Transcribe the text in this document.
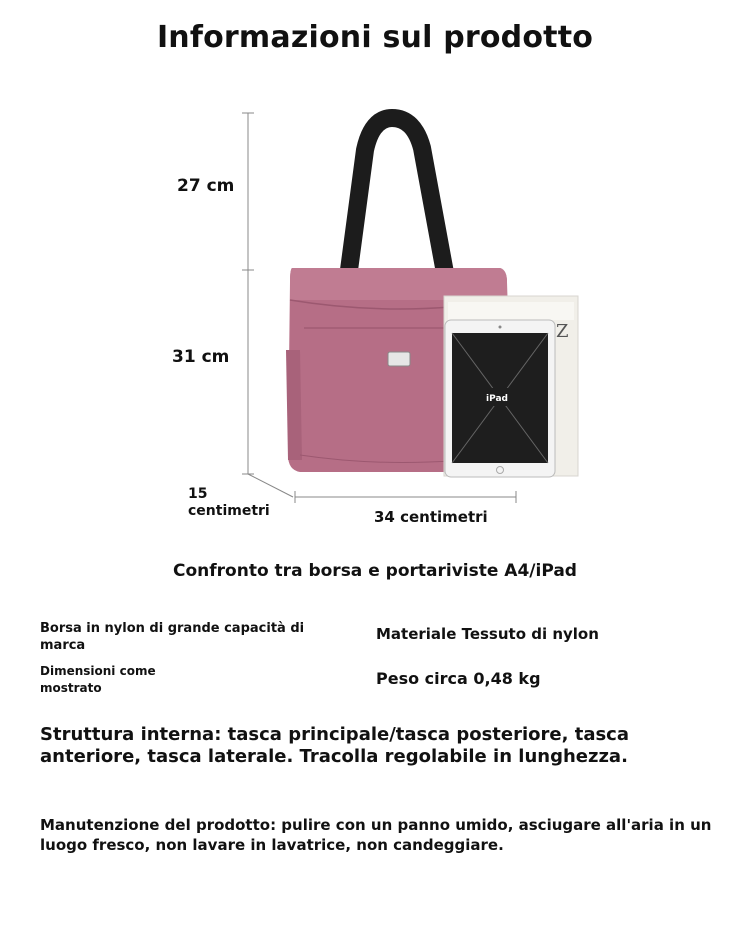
Informazioni sul prodotto
Z
iPad
27 cm
31 cm
15 centimetri	34 centimetri
Confronto tra borsa e portariviste A4/iPad
Borsa in nylon di grande capacità di marca
Materiale Tessuto di nylon
Dimensioni come mostrato	Peso circa 0,48 kg
Struttura interna: tasca principale/tasca posteriore, tasca anteriore, tasca laterale. Tracolla regolabile in lunghezza.
Manutenzione del prodotto: pulire con un panno umido, asciugare all'aria in un luogo fresco, non lavare in lavatrice, non candeggiare.
